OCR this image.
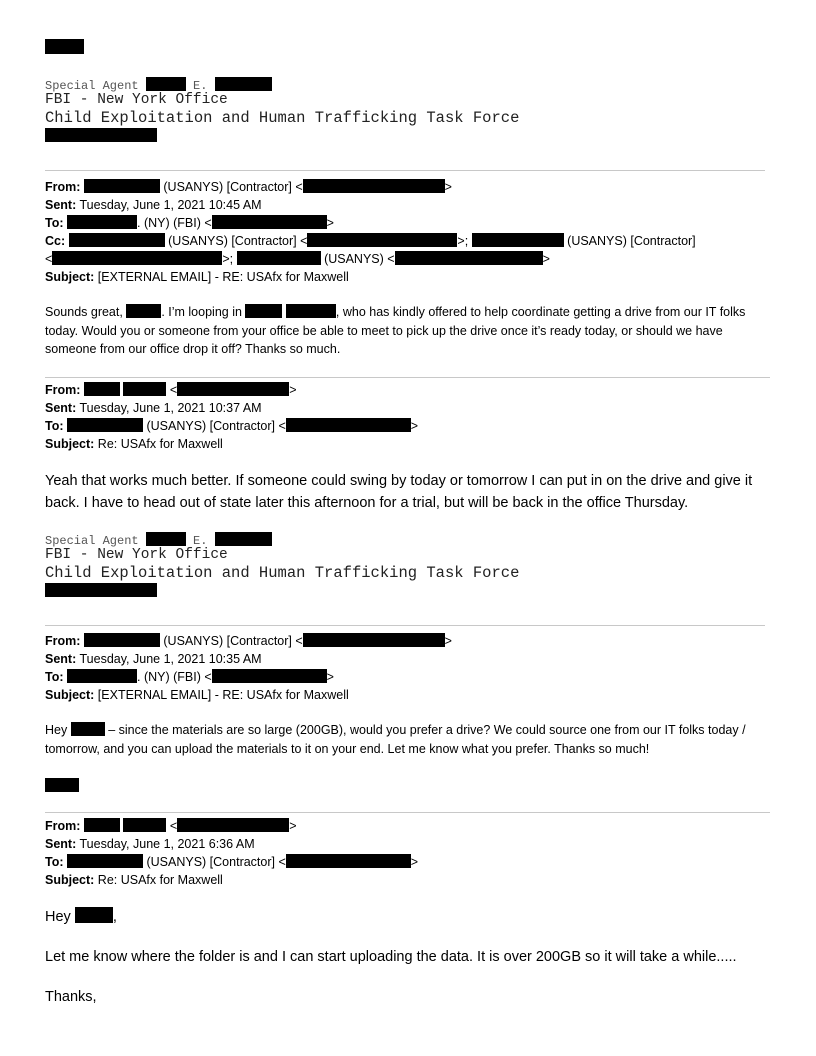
Special Agent	E.
FBI - New York Office
Child Exploitation and Human Trafficking Task Force
From:	(USANYS) [Contractor] <	>
Sent: Tuesday, June 1, 2021 10:45 AM
To:	. (NY) (FBI) <	>
Cc:	(USANYS) [Contractor] <	>;	(USANYS) [Contractor]
<	>;	(USANYS) <	>
Subject: [EXTERNAL EMAIL] - RE: USAfx for Maxwell
Sounds great,	. I’m looping in	, who has kindly offered to help coordinate getting a drive from our IT folks today. Would you or someone from your office be able to meet to pick up the drive once it’s ready today, or should we have someone from our office drop it off? Thanks so much.
From:	<	>
Sent: Tuesday, June 1, 2021 10:37 AM
To:	(USANYS) [Contractor] <	>
Subject: Re: USAfx for Maxwell
Yeah that works much better. If someone could swing by today or tomorrow I can put in on the drive and give it back. I have to head out of state later this afternoon for a trial, but will be back in the office Thursday.
Special Agent	E.
FBI - New York Office
Child Exploitation and Human Trafficking Task Force
From:	(USANYS) [Contractor] <	>
Sent: Tuesday, June 1, 2021 10:35 AM
To:	. (NY) (FBI) <	>
Subject: [EXTERNAL EMAIL] - RE: USAfx for Maxwell
Hey	– since the materials are so large (200GB), would you prefer a drive? We could source one from our IT folks today / tomorrow, and you can upload the materials to it on your end. Let me know what you prefer. Thanks so much!
From:	<	>
Sent: Tuesday, June 1, 2021 6:36 AM
To:	(USANYS) [Contractor] <	>
Subject: Re: USAfx for Maxwell
Hey	,
Let me know where the folder is and I can start uploading the data. It is over 200GB so it will take a while.....
Thanks,
